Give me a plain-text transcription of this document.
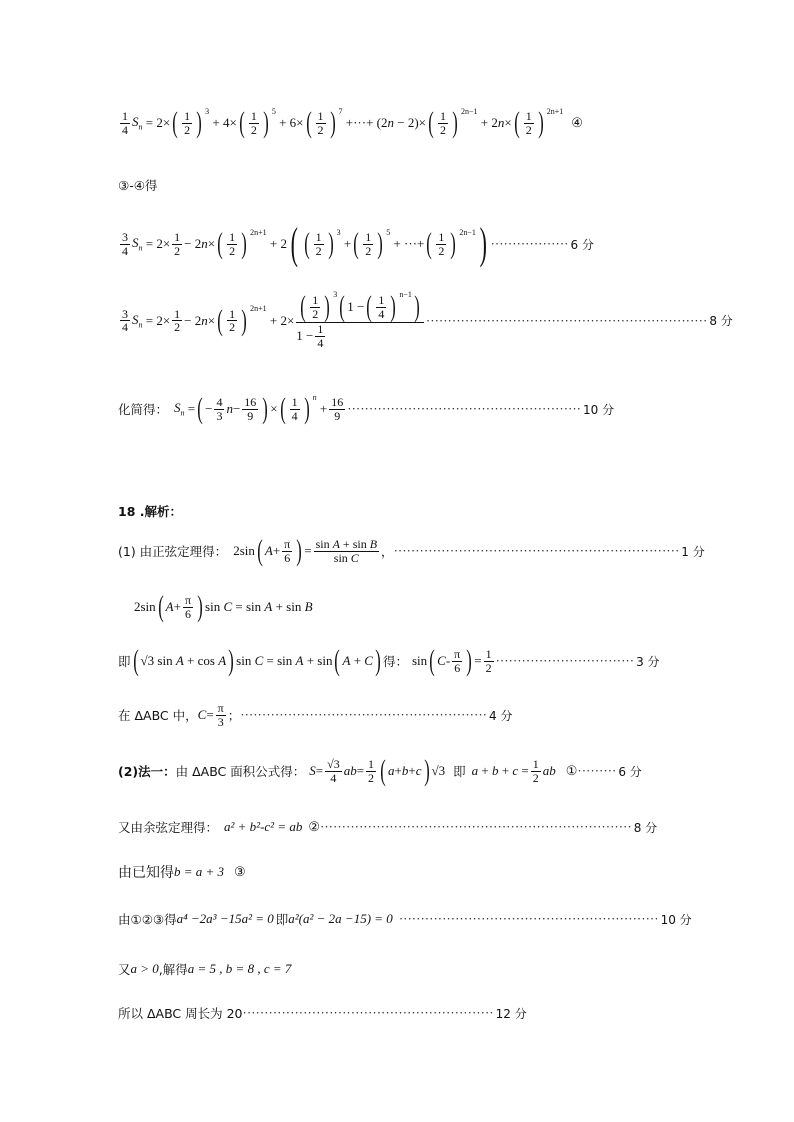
$\frac{1}{4} S_n = 2\times$ ( $\frac{1}{2}$ ) 3
+ 4× ( $\frac{1}{2}$ ) 5
+ 6× ( $\frac{1}{2}$ ) 7
+···+ (2n − 2)× ( $\frac{1}{2}$ ) 2n−1
+ 2n× ( $\frac{1}{2}$ ) 2n+1
④
③-④得
$\frac{3}{4} S_n = 2\times \frac{1}{2} - 2n\times$ ( $\frac{1}{2}$ ) 2n+1
+ 2 ( ( $\frac{1}{2}$ ) 3
+ ( $\frac{1}{2}$ ) 5
+ ···+ ( $\frac{1}{2}$ ) 2n−1 ) ·················· 6 分
$\frac{3}{4} S_n = 2\times \frac{1}{2} - 2n\times$ ( $\frac{1}{2}$ ) 2n+1
+ $2\times \frac{( \frac{1}{2} ) 3 ( 1 - ( \frac{1}{4} ) n-1 )}{1 - \frac{1}{4}}$ ································································· 8 分
化简得： $S_n$ = ( − $\frac{4}{3}$ $n - \frac{16}{9}$ ) × ( $\frac{1}{4}$ ) n
+ $\frac{16}{9}$ ······················································ 10 分
18 .解析：
(1) 由正弦定理得： 2sin ( $A + \frac{\pi}{6}$ ) = $\frac{\text{sin A + sin B}}{\text{sin C}}$ ， ·································································· 1 分
2sin ( $A + \frac{\pi}{6}$ ) sin C = sin A + sin B
即 ( √3 sin A + cos A ) sin C = sin A + sin ( A + C ) 得： sin ( C - $\frac{\pi}{6}$ ) = $\frac{1}{2}$ ································ 3 分
在 ΔABC 中， $C = \frac{\pi}{3}$ ； ························································· 4 分
(2)法一： 由 ΔABC 面积公式得： $S = \frac{√3}{4}$ ab = $\frac{1}{2}$ ( a + b + c ) √3 即 $a + b + c = \frac{1}{2}$ ab ① ········· 6 分
又由余弦定理得： a² + b²-c² = ab ② ········································································ 8 分
由已知得 b = a + 3 ③
由①②③得 a⁴ −2a³ −15a² = 0 即 a²(a² − 2a −15) = 0 ···························································· 10 分
又 a > 0 ,解得 a = 5 , b = 8 , c = 7
所以 ΔABC 周长为 20 ·························································· 12 分
